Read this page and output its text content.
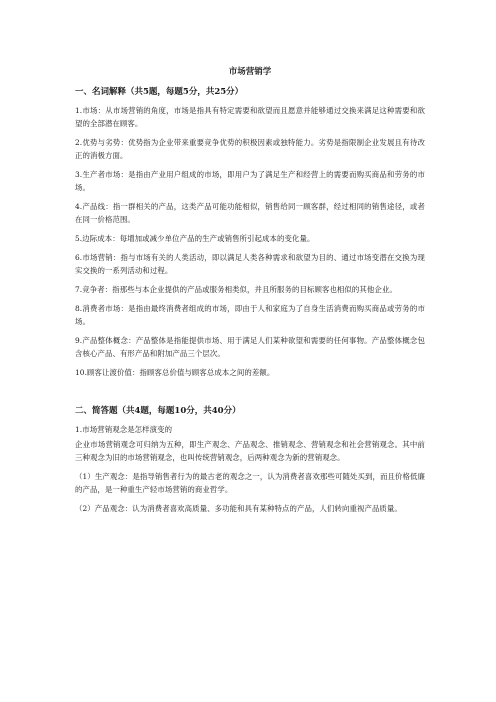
市场营销学
一、名词解释（共5题，每题5分，共25分）
1.市场：从市场营销的角度，市场是指具有特定需要和欲望而且愿意并能够通过交换来满足这种需要和欲望的全部潜在顾客。
2.优势与劣势：优势指为企业带来重要竞争优势的积极因素或独特能力。劣势是指限制企业发展且有待改正的消极方面。
3.生产者市场：是指由产业用户组成的市场，即用户为了满足生产和经营上的需要而购买商品和劳务的市场。
4.产品线：指一群相关的产品，这类产品可能功能相似，销售给同一顾客群，经过相同的销售途径，或者在同一价格范围。
5.边际成本：每增加或减少单位产品的生产或销售所引起成本的变化量。
6.市场营销：指与市场有关的人类活动，即以满足人类各种需求和欲望为目的、通过市场变潜在交换为现实交换的一系列活动和过程。
7.竞争者：指那些与本企业提供的产品或服务相类似，并且所服务的目标顾客也相似的其他企业。
8.消费者市场：是指由最终消费者组成的市场，即由于人和家庭为了自身生活消费而购买商品或劳务的市场。
9.产品整体概念：产品整体是指能提供市场、用于满足人们某种欲望和需要的任何事物。产品整体概念包含核心产品、有形产品和附加产品三个层次。
10.顾客让渡价值：指顾客总价值与顾客总成本之间的差额。
二、简答题（共4题，每题10分，共40分）
1.市场营销观念是怎样演变的
企业市场营销观念可归纳为五种，即生产观念、产品观念、推销观念、营销观念和社会营销观念。其中前三种观念为旧的市场营销观念，也叫传统营销观念，后两种观念为新的营销观念。
（1）生产观念：是指导销售者行为的最古老的观念之一，认为消费者喜欢那些可随处买到，而且价格低廉的产品，是一种重生产轻市场营销的商业哲学。
（2）产品观念：认为消费者喜欢高质量、多功能和具有某种特点的产品，人们转向重视产品质量。
